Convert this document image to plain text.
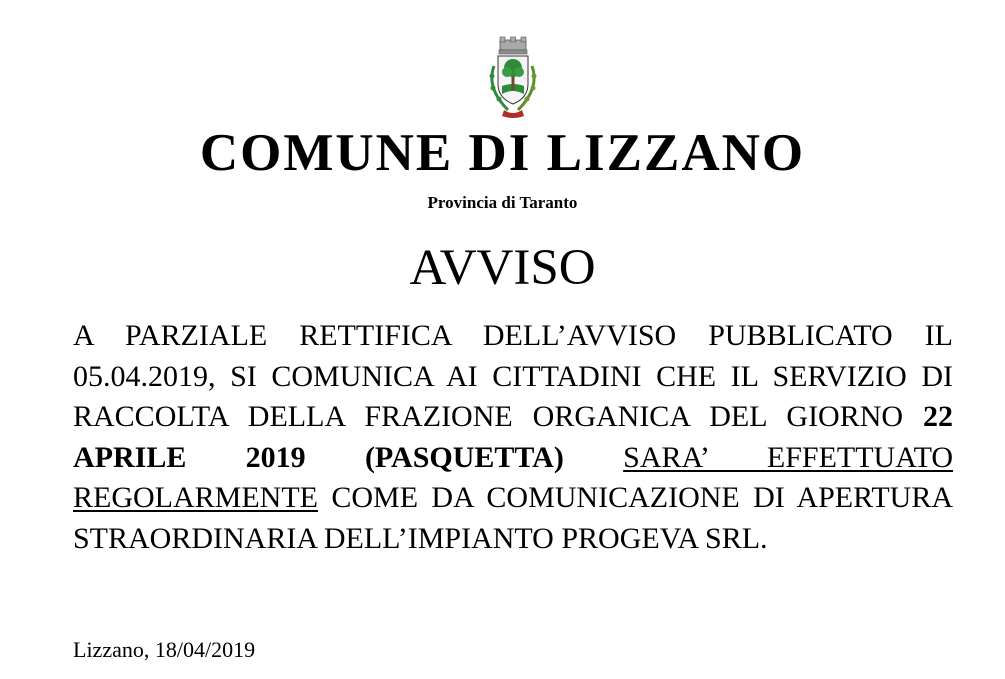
COMUNE DI LIZZANO
Provincia di Taranto
AVVISO

A PARZIALE RETTIFICA DELL’AVVISO PUBBLICATO IL 05.04.2019, SI COMUNICA AI CITTADINI CHE IL SERVIZIO DI RACCOLTA DELLA FRAZIONE ORGANICA DEL GIORNO 22 APRILE 2019 (PASQUETTA) SARA’ EFFETTUATO REGOLARMENTE COME DA COMUNICAZIONE DI APERTURA STRAORDINARIA DELL’IMPIANTO PROGEVA SRL.

Lizzano, 18/04/2019
